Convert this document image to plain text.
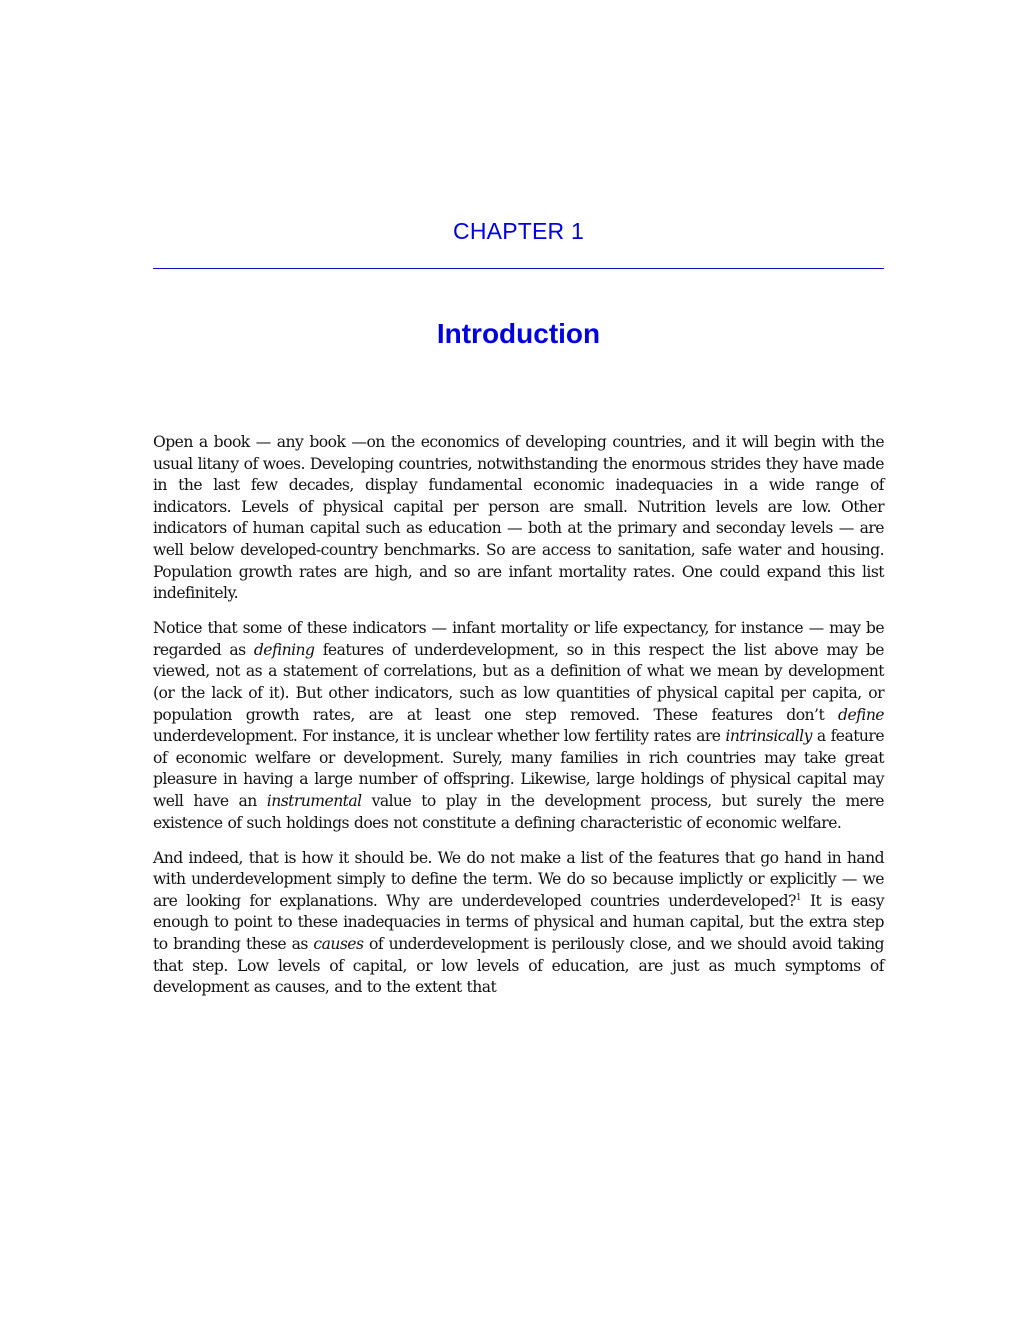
CHAPTER 1
Introduction

Open a book — any book —on the economics of developing countries, and it will begin with the usual litany of woes. Developing countries, notwithstanding the enormous strides they have made in the last few decades, display fundamental economic inadequacies in a wide range of indicators. Levels of physical capital per person are small. Nutrition levels are low. Other indicators of human capital such as education — both at the primary and seconday levels — are well below developed-country benchmarks. So are access to sanitation, safe water and housing. Population growth rates are high, and so are infant mortality rates. One could expand this list indefinitely.

Notice that some of these indicators — infant mortality or life expectancy, for instance — may be regarded as defining features of underdevelopment, so in this respect the list above may be viewed, not as a statement of correlations, but as a definition of what we mean by development (or the lack of it). But other indicators, such as low quantities of physical capital per capita, or population growth rates, are at least one step removed. These features don’t define underdevelopment. For instance, it is unclear whether low fertility rates are intrinsically a feature of economic welfare or development. Surely, many families in rich countries may take great pleasure in having a large number of offspring. Likewise, large holdings of physical capital may well have an instrumental value to play in the development process, but surely the mere existence of such holdings does not constitute a defining characteristic of economic welfare.

And indeed, that is how it should be. We do not make a list of the features that go hand in hand with underdevelopment simply to define the term. We do so because implictly or explicitly — we are looking for explanations. Why are underdeveloped countries underdeveloped?$^1$ It is easy enough to point to these inadequacies in terms of physical and human capital, but the extra step to branding these as causes of underdevelopment is perilously close, and we should avoid taking that step. Low levels of capital, or low levels of education, are just as much symptoms of development as causes, and to the extent that
